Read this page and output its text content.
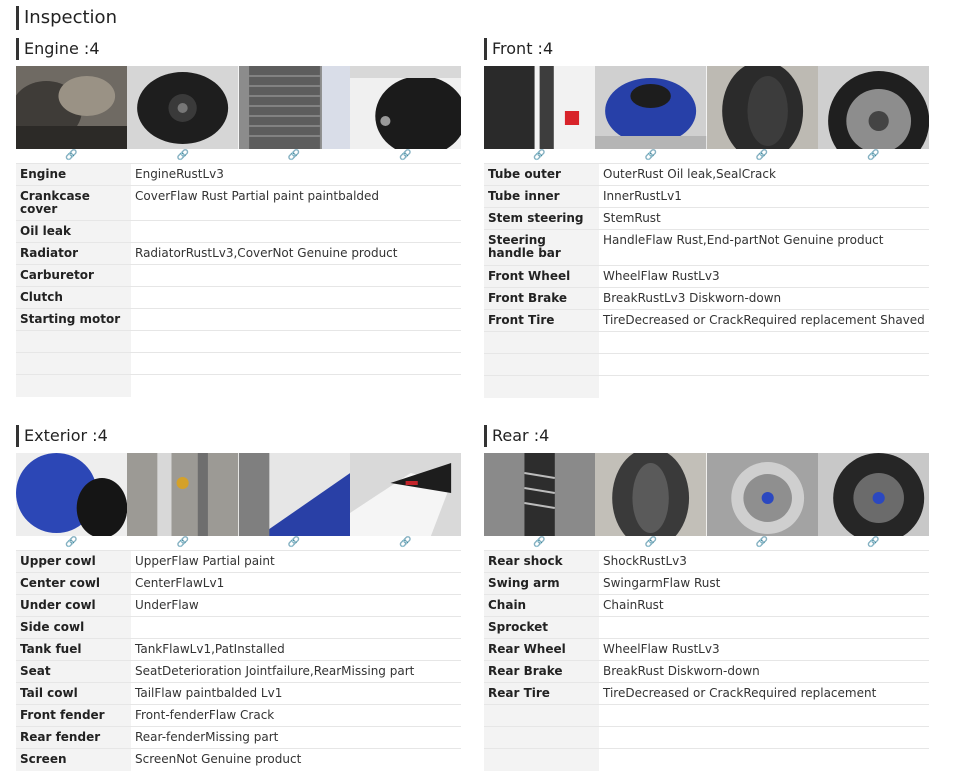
Inspection
Engine :4
🔗	🔗	🔗	🔗
Engine	EngineRustLv3
Crankcase cover	CoverFlaw Rust Partial paint paintbalded
Oil leak	
Radiator	RadiatorRustLv3,CoverNot Genuine product
Carburetor	
Clutch	
Starting motor	

Front :4
🔗	🔗	🔗	🔗
Tube outer	OuterRust Oil leak,SealCrack
Tube inner	InnerRustLv1
Stem steering	StemRust
Steering handle bar	HandleFlaw Rust,End-partNot Genuine product
Front Wheel	WheelFlaw RustLv3
Front Brake	BreakRustLv3 Diskworn-down
Front Tire	TireDecreased or CrackRequired replacement Shaved

Exterior :4
🔗	🔗	🔗	🔗
Upper cowl	UpperFlaw Partial paint
Center cowl	CenterFlawLv1
Under cowl	UnderFlaw
Side cowl	
Tank fuel	TankFlawLv1,PatInstalled
Seat	SeatDeterioration Jointfailure,RearMissing part
Tail cowl	TailFlaw paintbalded Lv1
Front fender	Front-fenderFlaw Crack
Rear fender	Rear-fenderMissing part
Screen	ScreenNot Genuine product
Rear :4
🔗	🔗	🔗	🔗
Rear shock	ShockRustLv3
Swing arm	SwingarmFlaw Rust
Chain	ChainRust
Sprocket	
Rear Wheel	WheelFlaw RustLv3
Rear Brake	BreakRust Diskworn-down
Rear Tire	TireDecreased or CrackRequired replacement
